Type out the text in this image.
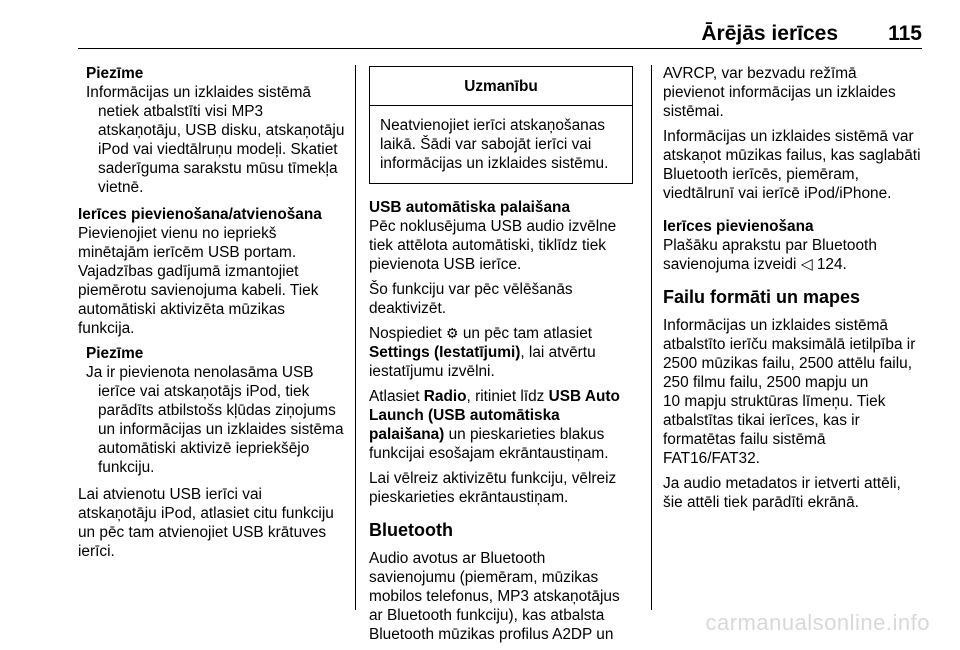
Ārējās ierīces 115
Piezīme
Informācijas un izklaides sistēmā
netiek atbalstīti visi MP3
atskaņotāju, USB disku, atskaņotāju
iPod vai viedtālruņu modeļi. Skatiet
saderīguma sarakstu mūsu tīmekļa
vietnē.
Ierīces pievienošana/atvienošana

Pievienojiet vienu no iepriekš
minētajām ierīcēm USB portam.
Vajadzības gadījumā izmantojiet
piemērotu savienojuma kabeli. Tiek
automātiski aktivizēta mūzikas
funkcija.

Piezīme
Ja ir pievienota nenolasāma USB
ierīce vai atskaņotājs iPod, tiek
parādīts atbilstošs kļūdas ziņojums
un informācijas un izklaides sistēma
automātiski aktivizē iepriekšējo
funkciju.

Lai atvienotu USB ierīci vai
atskaņotāju iPod, atlasiet citu funkciju
un pēc tam atvienojiet USB krātuves
ierīci.

Uzmanību
Neatvienojiet ierīci atskaņošanas
laikā. Šādi var sabojāt ierīci vai
informācijas un izklaides sistēmu.
USB automātiska palaišana

Pēc noklusējuma USB audio izvēlne
tiek attēlota automātiski, tiklīdz tiek
pievienota USB ierīce.

Šo funkciju var pēc vēlēšanās
deaktivizēt.

Nospiediet ⚙ un pēc tam atlasiet
Settings (Iestatījumi), lai atvērtu
iestatījumu izvēlni.

Atlasiet Radio, ritiniet līdz USB Auto
Launch (USB automātiska
palaišana) un pieskarieties blakus
funkcijai esošajam ekrāntaustiņam.

Lai vēlreiz aktivizētu funkciju, vēlreiz
pieskarieties ekrāntaustiņam.

Bluetooth

Audio avotus ar Bluetooth
savienojumu (piemēram, mūzikas
mobilos telefonus, MP3 atskaņotājus
ar Bluetooth funkciju), kas atbalsta
Bluetooth mūzikas profilus A2DP un

AVRCP, var bezvadu režīmā
pievienot informācijas un izklaides
sistēmai.

Informācijas un izklaides sistēmā var
atskaņot mūzikas failus, kas saglabāti
Bluetooth ierīcēs, piemēram,
viedtālrunī vai ierīcē iPod/iPhone.

Ierīces pievienošana

Plašāku aprakstu par Bluetooth
savienojuma izveidi ◁ 124.

Failu formāti un mapes

Informācijas un izklaides sistēmā
atbalstīto ierīču maksimālā ietilpība ir
2500 mūzikas failu, 2500 attēlu failu,
250 filmu failu, 2500 mapju un
10 mapju struktūras līmeņu. Tiek
atbalstītas tikai ierīces, kas ir
formatētas failu sistēmā
FAT16/FAT32.

Ja audio metadatos ir ietverti attēli,
šie attēli tiek parādīti ekrānā.

carmanualsonline.info
